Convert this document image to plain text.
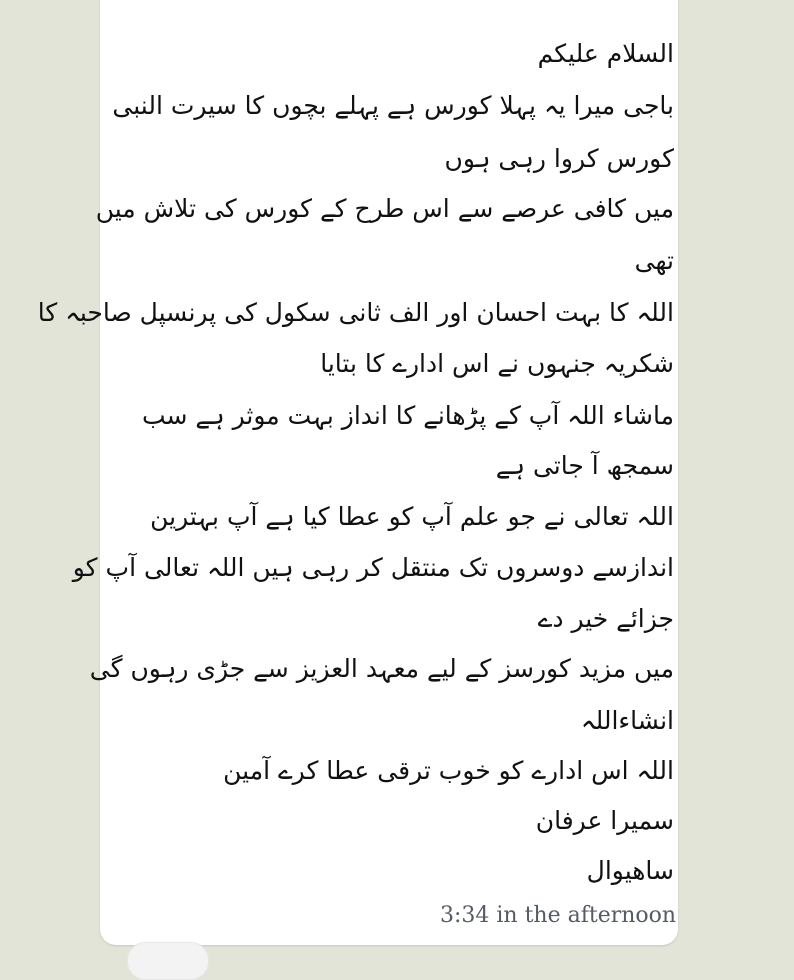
السلام علیکم

باجی میرا یہ پہلا کورس ہے پہلے بچوں کا سیرت النبی

کورس کروا رہی ہوں

میں کافی عرصے سے اس طرح کے کورس کی تلاش میں

تھی

اللہ کا بہت احسان اور الف ثانی سکول کی پرنسپل صاحبہ کا

شکریہ جنہوں نے اس ادارے کا بتایا

ماشاء اللہ آپ کے پڑھانے کا انداز بہت موثر ہے سب

سمجھ آ جاتی ہے

اللہ تعالی نے جو علم آپ کو عطا کیا ہے آپ بہترین

اندازسے دوسروں تک منتقل کر رہی ہیں اللہ تعالی آپ کو

جزائے خیر دے

میں مزید کورسز کے لیے معہد العزیز سے جڑی رہوں گی

انشاءاللہ

اللہ اس ادارے کو خوب ترقی عطا کرے آمین

سمیرا عرفان

ساھیوال

3:34 in the afternoon
